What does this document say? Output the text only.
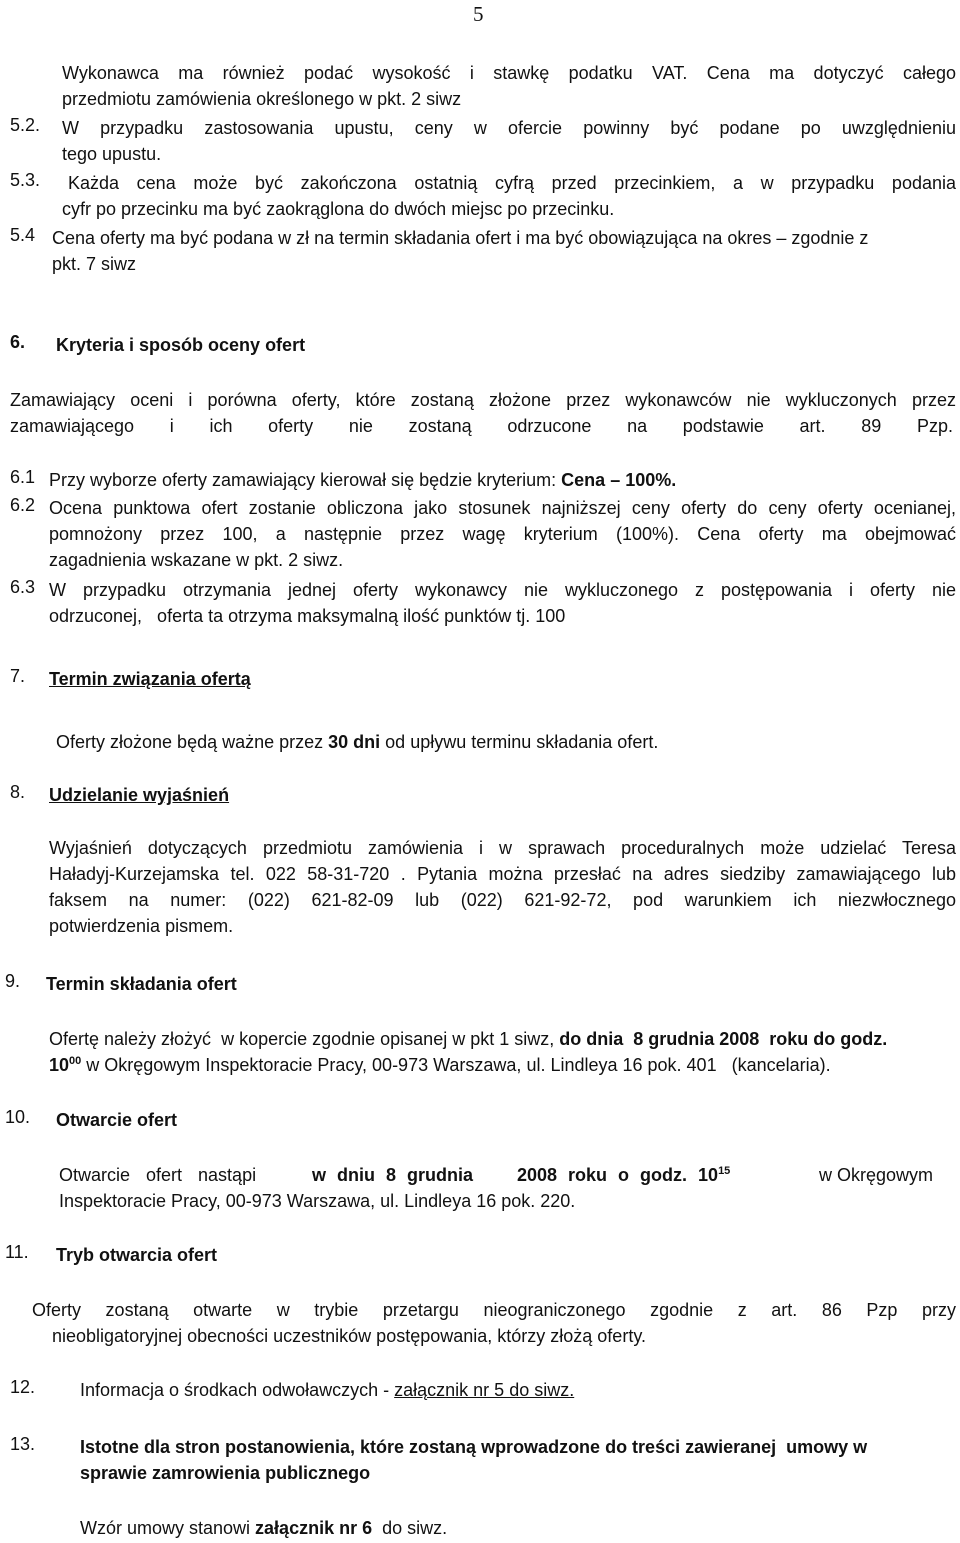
5

Wykonawca ma również podać wysokość i stawkę podatku VAT. Cena ma dotyczyć całego

przedmiotu zamówienia określonego w pkt. 2 siwz

5.2. W przypadku zastosowania upustu, ceny w ofercie powinny być podane po uwzględnieniu

tego upustu.

5.3. Każda cena może być zakończona ostatnią cyfrą przed przecinkiem, a w przypadku podania

cyfr po przecinku ma być zaokrąglona do dwóch miejsc po przecinku.

5.4 Cena oferty ma być podana w zł na termin składania ofert i ma być obowiązująca na okres – zgodnie z

pkt. 7 siwz

6. Kryteria i sposób oceny ofert

Zamawiający oceni i porówna oferty, które zostaną złożone przez wykonawców nie wykluczonych przez

zamawiającego i ich oferty nie zostaną odrzucone na podstawie art. 89 Pzp.

6.1 Przy wyborze oferty zamawiający kierował się będzie kryterium: Cena – 100%.

6.2 Ocena punktowa ofert zostanie obliczona jako stosunek najniższej ceny oferty do ceny oferty ocenianej,

pomnożony przez 100, a następnie przez wagę kryterium (100%). Cena oferty ma obejmować

zagadnienia wskazane w pkt. 2 siwz.

6.3 W przypadku otrzymania jednej oferty wykonawcy nie wykluczonego z postępowania i oferty nie

odrzuconej,   oferta ta otrzyma maksymalną ilość punktów tj. 100

7. Termin związania ofertą

Oferty złożone będą ważne przez 30 dni od upływu terminu składania ofert.

8. Udzielanie wyjaśnień

Wyjaśnień dotyczących przedmiotu zamówienia i w sprawach proceduralnych może udzielać Teresa

Haładyj-Kurzejamska tel. 022 58-31-720 . Pytania można przesłać na adres siedziby zamawiającego lub

faksem na numer: (022) 621-82-09 lub (022) 621-92-72, pod warunkiem ich niezwłocznego

potwierdzenia pismem.

9. Termin składania ofert

Ofertę należy złożyć  w kopercie zgodnie opisanej w pkt 1 siwz, do dnia  8 grudnia 2008  roku do godz.

$10^{00}$ w Okręgowym Inspektoracie Pracy, 00-973 Warszawa, ul. Lindleya 16 pok. 401   (kancelaria).

10. Otwarcie ofert

Otwarcie ofert nastąpi	w dniu 8 grudnia    2008 roku o godz. $10^{15}$	w Okręgowym

Inspektoracie Pracy, 00-973 Warszawa, ul. Lindleya 16 pok. 220.

11. Tryb otwarcia ofert

Oferty zostaną otwarte w trybie przetargu nieograniczonego zgodnie z art. 86 Pzp przy

nieobligatoryjnej obecności uczestników postępowania, którzy złożą oferty.

12. Informacja o środkach odwoławczych - załącznik nr 5 do siwz.

13. Istotne dla stron postanowienia, które zostaną wprowadzone do treści zawieranej  umowy w

sprawie zamrowienia publicznego

Wzór umowy stanowi załącznik nr 6  do siwz.
